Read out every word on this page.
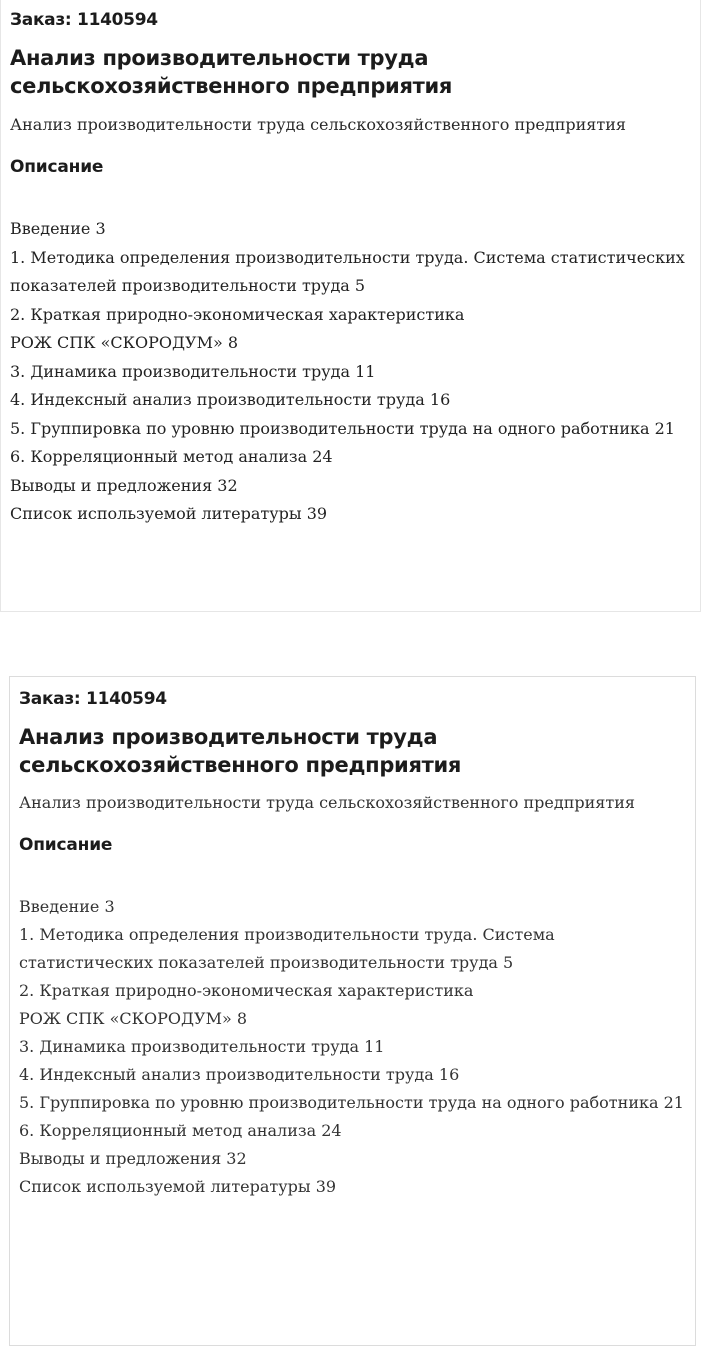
Заказ: 1140594
Анализ производительности труда сельскохозяйственного предприятия
Анализ производительности труда сельскохозяйственного предприятия
Описание
Введение 3
1. Методика определения производительности труда. Система статистических показателей производительности труда 5
2. Краткая природно-экономическая характеристика
РОЖ СПК «СКОРОДУМ» 8
3. Динамика производительности труда 11
4. Индексный анализ производительности труда 16
5. Группировка по уровню производительности труда на одного работника 21
6. Корреляционный метод анализа 24
Выводы и предложения 32
Список используемой литературы 39
Заказ: 1140594
Анализ производительности труда сельскохозяйственного предприятия
Анализ производительности труда сельскохозяйственного предприятия
Описание
Введение 3
1. Методика определения производительности труда. Система статистических показателей производительности труда 5
2. Краткая природно-экономическая характеристика
РОЖ СПК «СКОРОДУМ» 8
3. Динамика производительности труда 11
4. Индексный анализ производительности труда 16
5. Группировка по уровню производительности труда на одного работника 21
6. Корреляционный метод анализа 24
Выводы и предложения 32
Список используемой литературы 39
